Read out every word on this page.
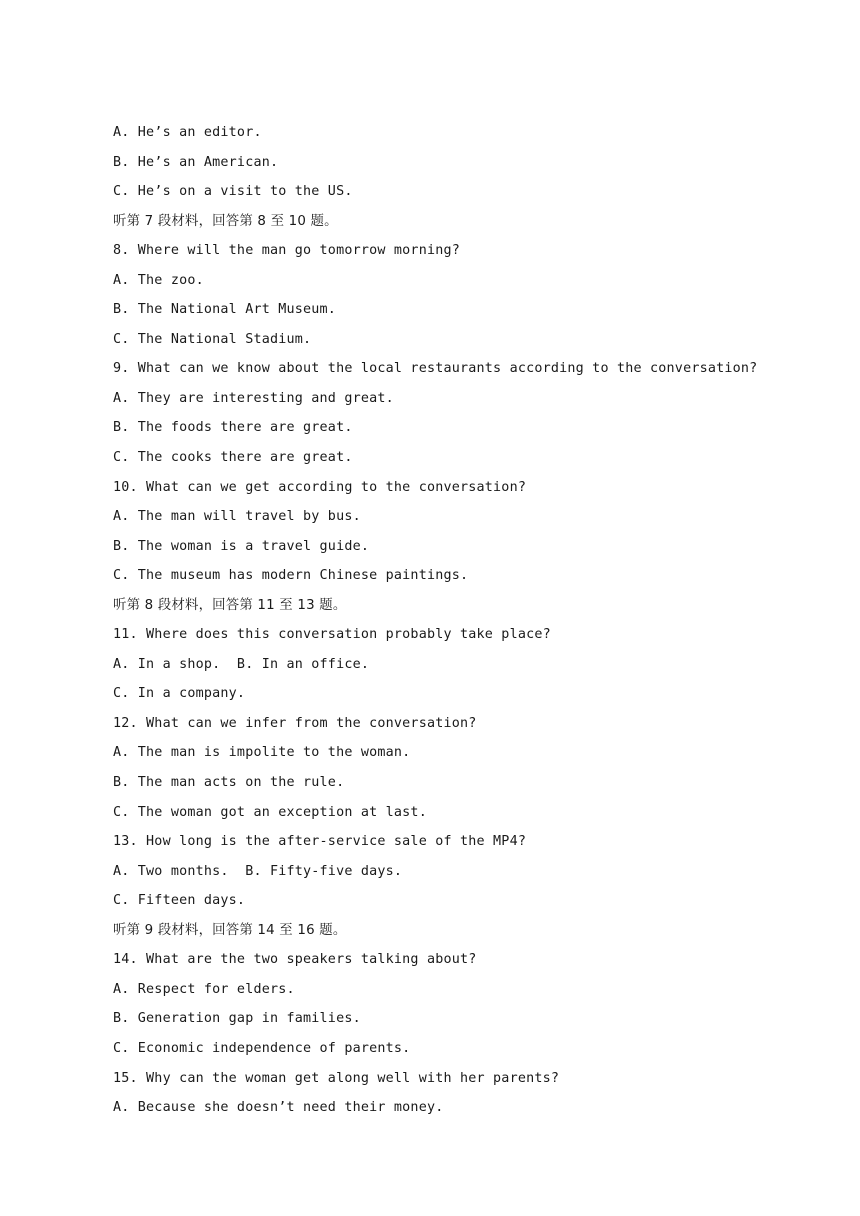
A. He’s an editor.
B. He’s an American.
C. He’s on a visit to the US.
听第 7 段材料，回答第 8 至 10 题。
8. Where will the man go tomorrow morning?
A. The zoo.
B. The National Art Museum.
C. The National Stadium.
9. What can we know about the local restaurants according to the conversation?
A. They are interesting and great.
B. The foods there are great.
C. The cooks there are great.
10. What can we get according to the conversation?
A. The man will travel by bus.
B. The woman is a travel guide.
C. The museum has modern Chinese paintings.
听第 8 段材料，回答第 11 至 13 题。
11. Where does this conversation probably take place?
A. In a shop.  B. In an office.
C. In a company.
12. What can we infer from the conversation?
A. The man is impolite to the woman.
B. The man acts on the rule.
C. The woman got an exception at last.
13. How long is the after-service sale of the MP4?
A. Two months.  B. Fifty-five days.
C. Fifteen days.
听第 9 段材料，回答第 14 至 16 题。
14. What are the two speakers talking about?
A. Respect for elders.
B. Generation gap in families.
C. Economic independence of parents.
15. Why can the woman get along well with her parents?
A. Because she doesn’t need their money.
